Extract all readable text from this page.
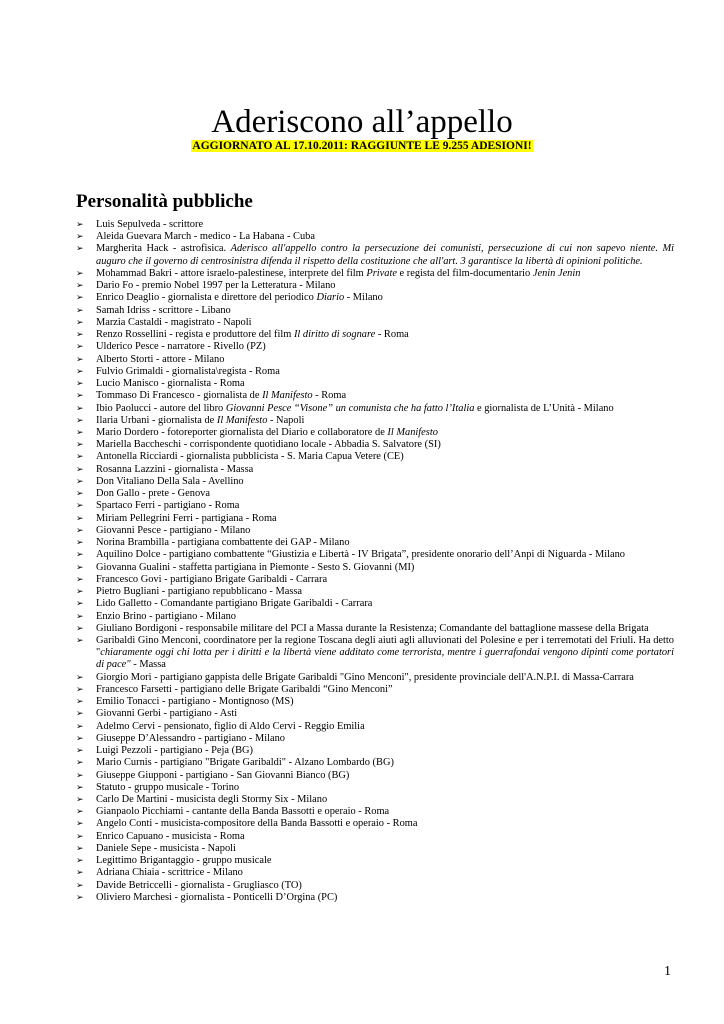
Aderiscono all’appello
AGGIORNATO AL 17.10.2011: RAGGIUNTE LE 9.255 ADESIONI!
Personalità pubbliche
➢	Luis Sepulveda - scrittore
➢	Aleida Guevara March - medico - La Habana - Cuba
➢	Margherita Hack - astrofisica. Aderisco all'appello contro la persecuzione dei comunisti, persecuzione di cui non sapevo niente. Mi auguro che il governo di centrosinistra difenda il rispetto della costituzione che all'art. 3 garantisce la libertà di opinioni politiche.
➢	Mohammad Bakri - attore israelo-palestinese, interprete del film Private e regista del film-documentario Jenin Jenin
➢	Dario Fo - premio Nobel 1997 per la Letteratura - Milano
➢	Enrico Deaglio - giornalista e direttore del periodico Diario - Milano
➢	Samah Idriss - scrittore - Libano
➢	Marzia Castaldi - magistrato - Napoli
➢	Renzo Rossellini - regista e produttore del film Il diritto di sognare - Roma
➢	Ulderico Pesce - narratore - Rivello (PZ)
➢	Alberto Storti - attore - Milano
➢	Fulvio Grimaldi - giornalista\regista - Roma
➢	Lucio Manisco - giornalista - Roma
➢	Tommaso Di Francesco - giornalista de Il Manifesto - Roma
➢	Ibio Paolucci - autore del libro Giovanni Pesce “Visone” un comunista che ha fatto l’Italia e giornalista de L’Unità - Milano
➢	Ilaria Urbani - giornalista de Il Manifesto - Napoli
➢	Mario Dordero - fotoreporter giornalista del Diario e collaboratore de Il Manifesto
➢	Mariella Baccheschi - corrispondente quotidiano locale - Abbadia S. Salvatore (SI)
➢	Antonella Ricciardi - giornalista pubblicista - S. Maria Capua Vetere (CE)
➢	Rosanna Lazzini - giornalista - Massa
➢	Don Vitaliano Della Sala - Avellino
➢	Don Gallo - prete - Genova
➢	Spartaco Ferri - partigiano - Roma
➢	Miriam Pellegrini Ferri - partigiana - Roma
➢	Giovanni Pesce - partigiano - Milano
➢	Norina Brambilla - partigiana combattente dei GAP - Milano
➢	Aquilino Dolce - partigiano combattente “Giustizia e Libertà - IV Brigata”, presidente onorario dell’Anpi di Niguarda - Milano
➢	Giovanna Gualini - staffetta partigiana in Piemonte - Sesto S. Giovanni (MI)
➢	Francesco Govi - partigiano Brigate Garibaldi - Carrara
➢	Pietro Bugliani - partigiano repubblicano - Massa
➢	Lido Galletto - Comandante partigiano Brigate Garibaldi - Carrara
➢	Enzio Brino - partigiano - Milano
➢	Giuliano Bordigoni - responsabile militare del PCI a Massa durante la Resistenza; Comandante del battaglione massese della Brigata
➢	Garibaldi Gino Menconi, coordinatore per la regione Toscana degli aiuti agli alluvionati del Polesine e per i terremotati del Friuli. Ha detto "chiaramente oggi chi lotta per i diritti e la libertà viene additato come terrorista, mentre i guerrafondai vengono dipinti come portatori di pace" - Massa
➢	Giorgio Mori - partigiano gappista delle Brigate Garibaldi "Gino Menconi", presidente provinciale dell'A.N.P.I. di Massa-Carrara
➢	Francesco Farsetti - partigiano delle Brigate Garibaldi “Gino Menconi”
➢	Emilio Tonacci - partigiano - Montignoso (MS)
➢	Giovanni Gerbi - partigiano - Asti
➢	Adelmo Cervi - pensionato, figlio di Aldo Cervi - Reggio Emilia
➢	Giuseppe D’Alessandro - partigiano - Milano
➢	Luigi Pezzoli - partigiano - Peja (BG)
➢	Mario Curnis - partigiano "Brigate Garibaldi" - Alzano Lombardo (BG)
➢	Giuseppe Giupponi - partigiano - San Giovanni Bianco (BG)
➢	Statuto - gruppo musicale - Torino
➢	Carlo De Martini - musicista degli Stormy Six - Milano
➢	Gianpaolo Picchiami - cantante della Banda Bassotti e operaio - Roma
➢	Angelo Conti - musicista-compositore della Banda Bassotti e operaio - Roma
➢	Enrico Capuano - musicista - Roma
➢	Daniele Sepe - musicista - Napoli
➢	Legittimo Brigantaggio - gruppo musicale
➢	Adriana Chiaia - scrittrice - Milano
➢	Davide Betriccelli - giornalista - Grugliasco (TO)
➢	Oliviero Marchesi - giornalista - Ponticelli D’Orgina (PC)
1
